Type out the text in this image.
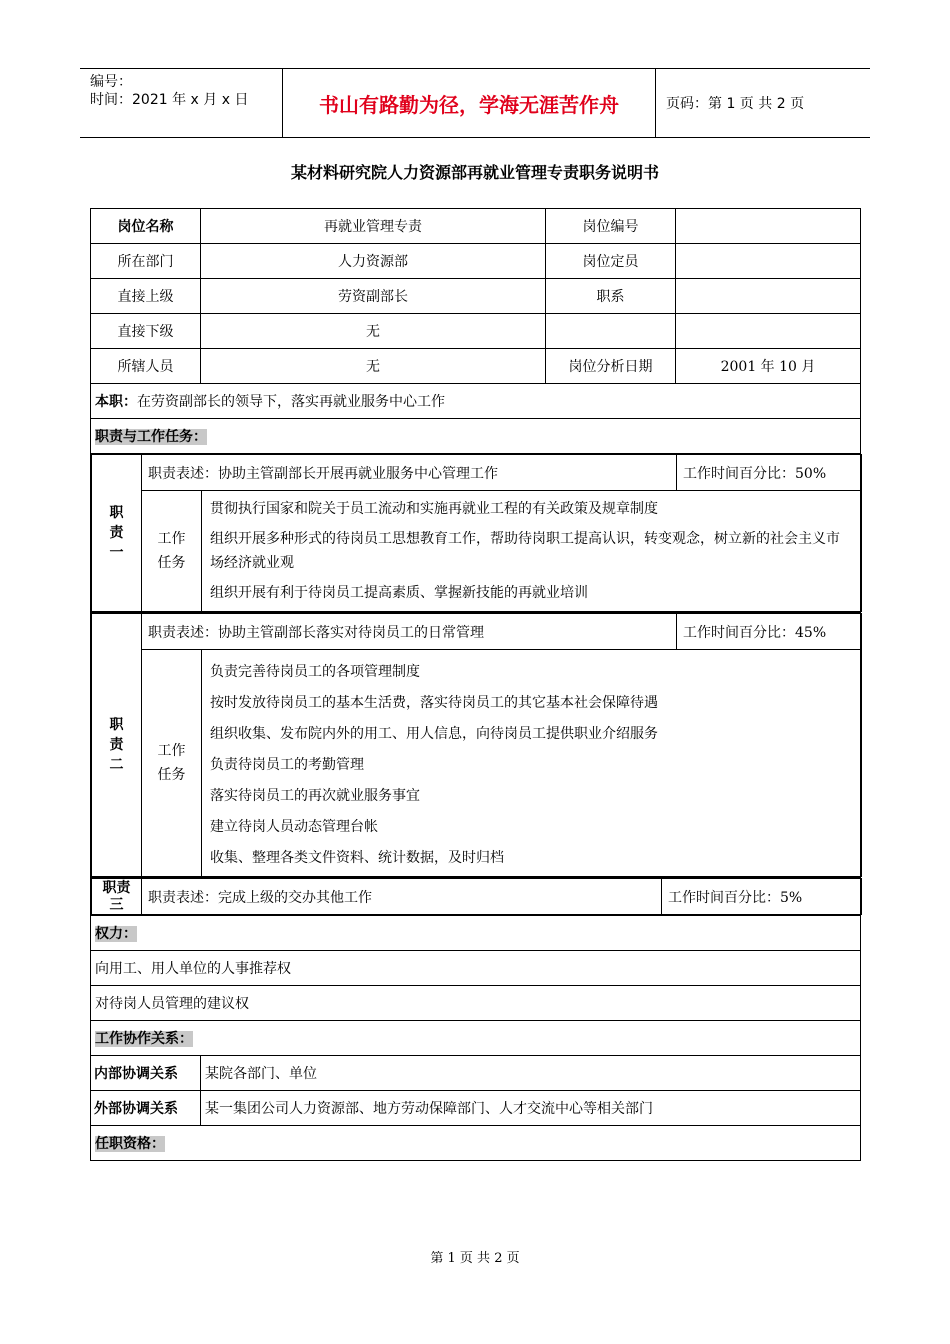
编号：
时间：2021 年 x 月 x 日	书山有路勤为径，学海无涯苦作舟	页码：第 1 页 共 2 页
某材料研究院人力资源部再就业管理专责职务说明书
岗位名称	再就业管理专责	岗位编号	
所在部门	人力资源部	岗位定员	
直接上级	劳资副部长	职系	
直接下级	无		
所辖人员	无	岗位分析日期	2001 年 10 月
本职：在劳资副部长的领导下，落实再就业服务中心工作
职责与工作任务：

职
责
一	职责表述：协助主管副部长开展再就业服务中心管理工作	工作时间百分比：50%
工作
任务	
贯彻执行国家和院关于员工流动和实施再就业工程的有关政策及规章制度
组织开展多种形式的待岗员工思想教育工作，帮助待岗职工提高认识，转变观念，树立新的社会主义市场经济就业观
组织开展有利于待岗员工提高素质、掌握新技能的再就业培训

职
责
二	职责表述：协助主管副部长落实对待岗员工的日常管理	工作时间百分比：45%
工作
任务	
负责完善待岗员工的各项管理制度
按时发放待岗员工的基本生活费，落实待岗员工的其它基本社会保障待遇
组织收集、发布院内外的用工、用人信息，向待岗员工提供职业介绍服务
负责待岗员工的考勤管理
落实待岗员工的再次就业服务事宜
建立待岗人员动态管理台帐
收集、整理各类文件资料、统计数据，及时归档

职责
三	职责表述：完成上级的交办其他工作	工作时间百分比：5%

权力：
向用工、用人单位的人事推荐权
对待岗人员管理的建议权
工作协作关系：
内部协调关系	某院各部门、单位
外部协调关系	某一集团公司人力资源部、地方劳动保障部门、人才交流中心等相关部门
任职资格：
第 1 页 共 2 页
